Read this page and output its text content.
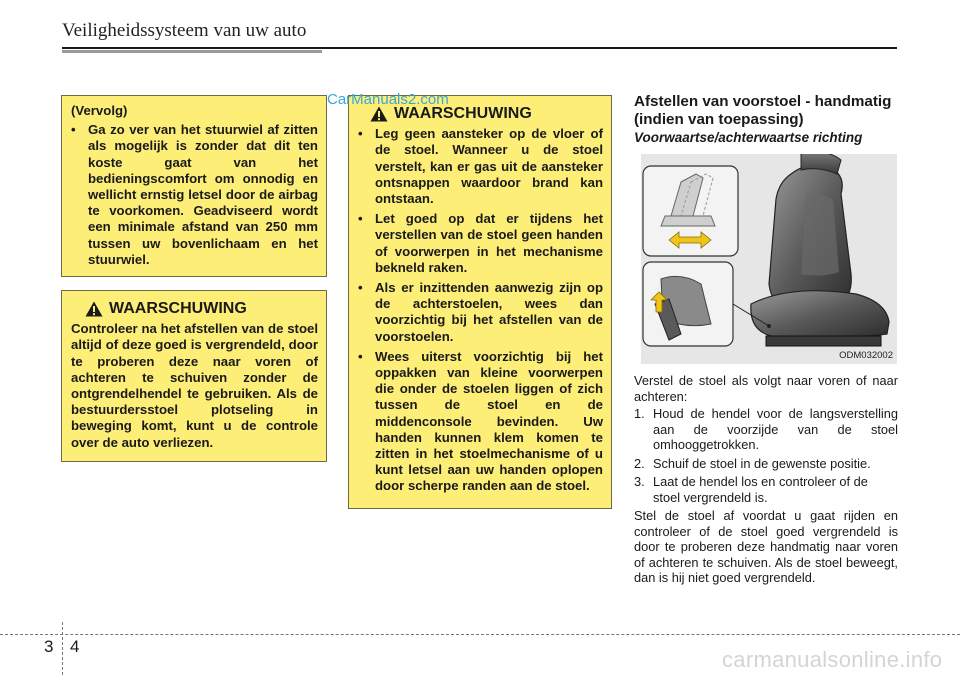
Veiligheidssysteem van uw auto
(Vervolg)
• Ga zo ver van het stuurwiel af zitten als mogelijk is zonder dat dit ten koste gaat van het bedieningscomfort om onnodig en wellicht ernstig letsel door de airbag te voorkomen. Geadviseerd wordt een minimale afstand van 250 mm tussen uw bovenlichaam en het stuurwiel.
WAARSCHUWING
Controleer na het afstellen van de stoel altijd of deze goed is vergrendeld, door te proberen deze naar voren of achteren te schuiven zonder de ontgrendelhendel te gebruiken. Als de bestuurdersstoel plotseling in beweging komt, kunt u de controle over de auto verliezen.
WAARSCHUWING
• Leg geen aansteker op de vloer of de stoel. Wanneer u de stoel verstelt, kan er gas uit de aansteker ontsnappen waardoor brand kan ontstaan.
• Let goed op dat er tijdens het verstellen van de stoel geen handen of voorwerpen in het mechanisme bekneld raken.
• Als er inzittenden aanwezig zijn op de achterstoelen, wees dan voorzichtig bij het afstellen van de voorstoelen.
• Wees uiterst voorzichtig bij het oppakken van kleine voorwerpen die onder de stoelen liggen of zich tussen de stoel en de middenconsole bevinden. Uw handen kunnen klem komen te zitten in het stoelmechanisme of u kunt letsel aan uw handen oplopen door scherpe randen aan de stoel.
CarManuals2.com	Afstellen van voorstoel - handmatig (indien van toepassing)
Voorwaartse/achterwaartse richting
ODM032002
Verstel de stoel als volgt naar voren of naar achteren:
1. Houd de hendel voor de langsverstelling aan de voorzijde van de stoel omhooggetrokken.
2. Schuif de stoel in de gewenste positie.
3. Laat de hendel los en controleer of de stoel vergrendeld is.
Stel de stoel af voordat u gaat rijden en controleer of de stoel goed vergrendeld is door te proberen deze handmatig naar voren of achteren te schuiven. Als de stoel beweegt, dan is hij niet goed vergrendeld.
3 4
carmanualsonline.info
